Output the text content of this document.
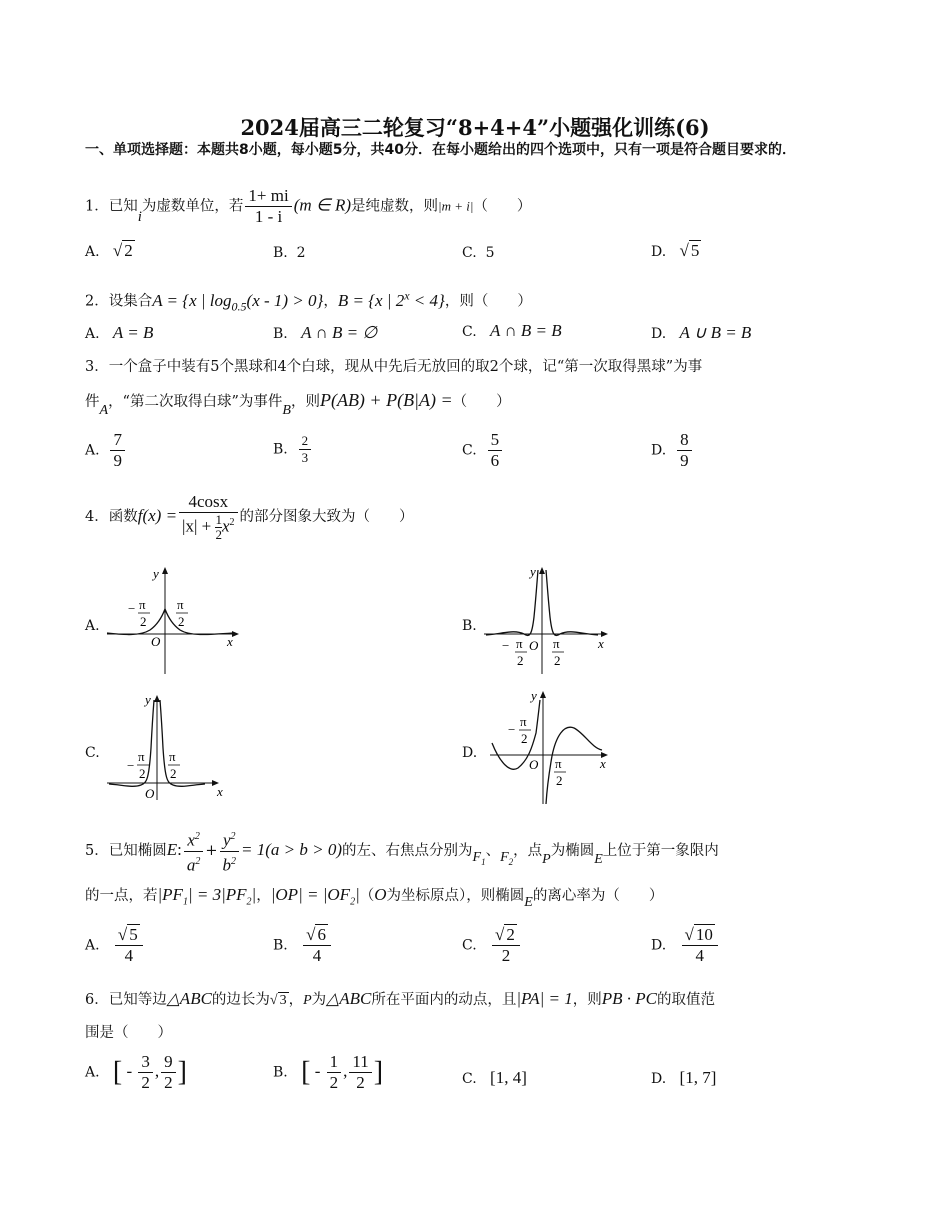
2024届高三二轮复习“8+4+4”小题强化训练(6)
一、单项选择题：本题共8小题，每小题5分，共40分．在每小题给出的四个选项中，只有一项是符合题目要求的．
1．已知i为虚数单位，若 $\frac{1+ mi}{1 - i} (m$ ∈ R)是纯虚数，则|m + i|（　　）
A. √ 2	B. 2	C. 5	D. √ 5
2．设集合A = {x | $\log_{0.5}(x - 1) > 0$}，B = {x | $2^x < 4$}，则（　　）
A. A = B	B. A ∩ B = ∅	C. A ∩ B = B	D. A ∪ B = B
3．一个盒子中装有5个黑球和4个白球，现从中先后无放回的取2个球，记“第一次取得黑球”为事
件A，“第二次取得白球”为事件B，则P(AB) + P(B|A) =（　　）
A. $\frac{7}{9}$	B. $\frac{2}{3}$	C. $\frac{5}{6}$	D. $\frac{8}{9}$
4．函数$f(x) = \frac{4\cos x}{|x| + \frac{1}{2} x^2}$ 的部分图象大致为（　　）
A.	B.
C.	D.
y
x
O
− π
2
π
2
y
x
O
− π
2
π
2
y
x
O
−
π
2
π
2
y
x
O
−
π
2
π
2
5．已知椭圆E: $\frac{x^2}{a^2} + \frac{y^2}{b^2} = 1(a > b > 0)$的左、右焦点分别为$F_1$、$F_2$，点P为椭圆E上位于第一象限内
的一点，若$|PF_1| = 3|PF_2|$，$|OP| = |OF_2|(O$为坐标原点），则椭圆E的离心率为（　　）
A. $\frac{√ 5}{4}$	B. $\frac{√ 6}{4}$	C. $\frac{√ 2}{2}$	D. $\frac{√ 10}{4}$
6．已知等边△ABC的边长为√ 3 ，P为△ABC所在平面内的动点，且|PA| = 1，则PB · PC的取值范
围是（　　）
A. [ - $\frac{3}{2}$ , $\frac{9}{2}$ ]	B. [ - $\frac{1}{2}$ , $\frac{11}{2}$ ]	C. [1, 4]	D. [1, 7]
